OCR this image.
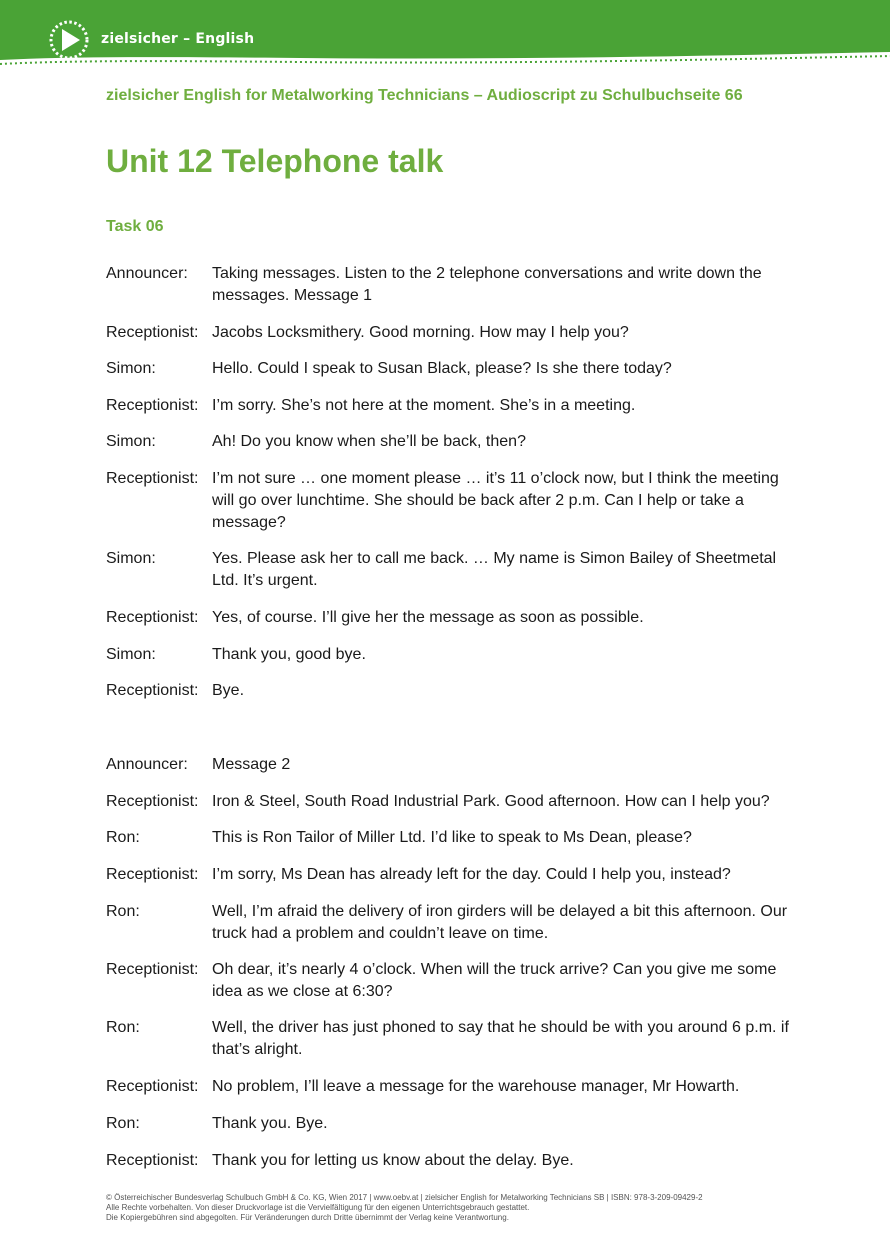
zielsicher – English
zielsicher English for Metalworking Technicians – Audioscript zu Schulbuchseite 66
Unit 12 Telephone talk
Task 06
Announcer: Taking messages. Listen to the 2 telephone conversations and write down the messages. Message 1
Receptionist: Jacobs Locksmithery. Good morning. How may I help you?
Simon:	Hello. Could I speak to Susan Black, please? Is she there today?
Receptionist: I’m sorry. She’s not here at the moment. She’s in a meeting.
Simon:	Ah! Do you know when she’ll be back, then?
Receptionist: I’m not sure … one moment please … it’s 11 o’clock now, but I think the meeting will go over lunchtime. She should be back after 2 p.m. Can I help or take a message?
Simon:	Yes. Please ask her to call me back. … My name is Simon Bailey of Sheetmetal Ltd. It’s urgent.
Receptionist: Yes, of course. I’ll give her the message as soon as possible.
Simon:	Thank you, good bye.
Receptionist: Bye.
Announcer: Message 2
Receptionist: Iron & Steel, South Road Industrial Park. Good afternoon. How can I help you?
Ron:	This is Ron Tailor of Miller Ltd. I’d like to speak to Ms Dean, please?
Receptionist: I’m sorry, Ms Dean has already left for the day. Could I help you, instead?
Ron:	Well, I’m afraid the delivery of iron girders will be delayed a bit this afternoon. Our truck had a problem and couldn’t leave on time.
Receptionist: Oh dear, it’s nearly 4 o’clock. When will the truck arrive? Can you give me some idea as we close at 6:30?
Ron:	Well, the driver has just phoned to say that he should be with you around 6 p.m. if that’s alright.
Receptionist: No problem, I’ll leave a message for the warehouse manager, Mr Howarth.
Ron:	Thank you. Bye.
Receptionist: Thank you for letting us know about the delay. Bye.
© Österreichischer Bundesverlag Schulbuch GmbH & Co. KG, Wien 2017 | www.oebv.at | zielsicher English for Metalworking Technicians SB | ISBN: 978-3-209-09429-2
Alle Rechte vorbehalten. Von dieser Druckvorlage ist die Vervielfältigung für den eigenen Unterrichtsgebrauch gestattet.
Die Kopiergebühren sind abgegolten. Für Veränderungen durch Dritte übernimmt der Verlag keine Verantwortung.
